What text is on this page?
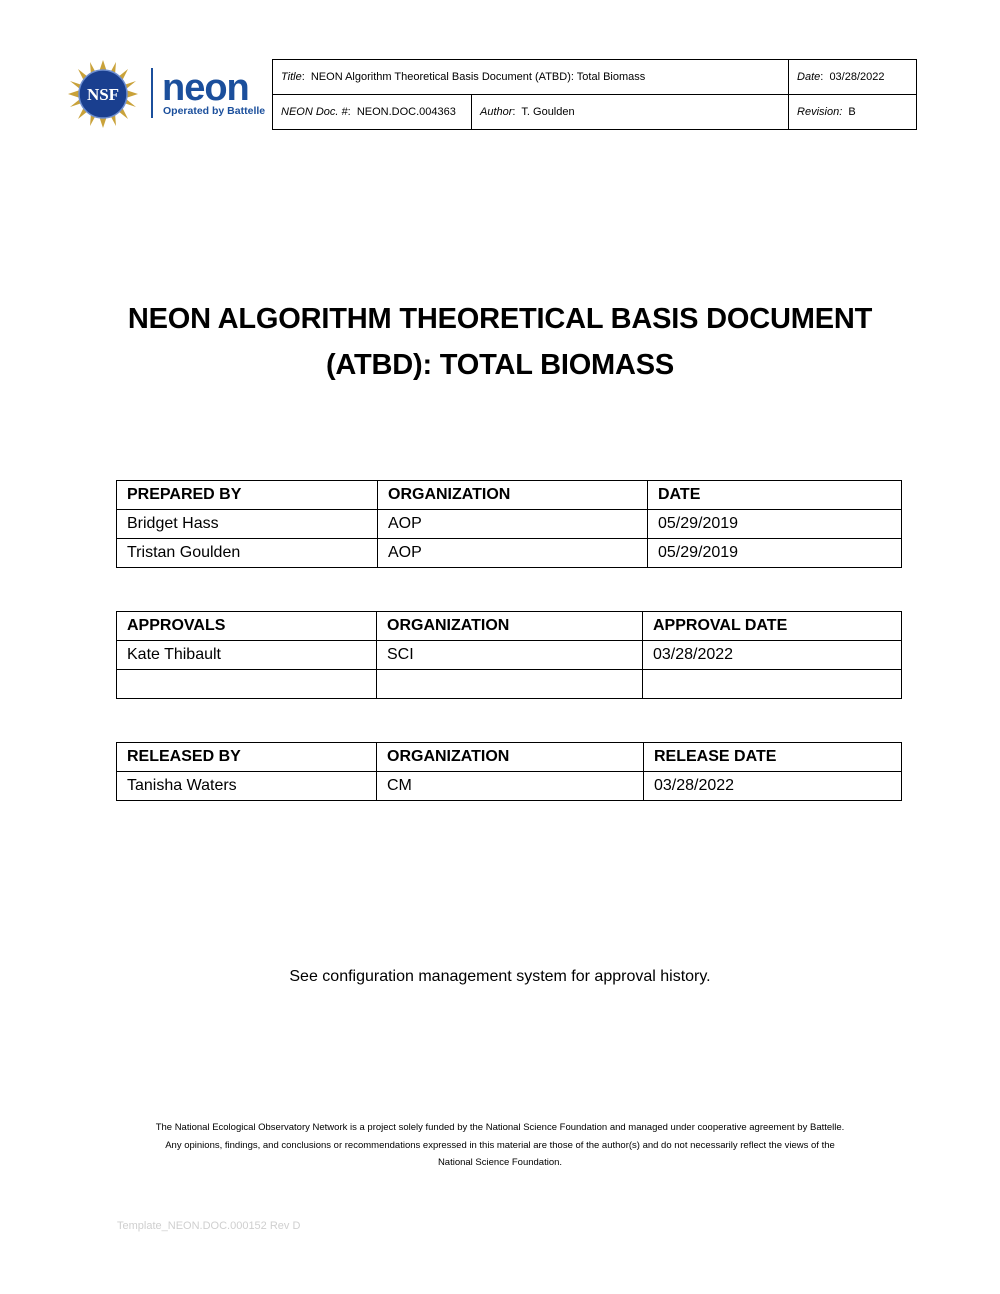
NSF neon
Operated by Battelle
Title:  NEON Algorithm Theoretical Basis Document (ATBD): Total Biomass		Date:  03/28/2022
NEON Doc. #:  NEON.DOC.004363	Author:  T. Goulden	Revision: B
NEON ALGORITHM THEORETICAL BASIS DOCUMENT
(ATBD): TOTAL BIOMASS
PREPARED BY	ORGANIZATION	DATE
Bridget Hass	AOP	05/29/2019
Tristan Goulden	AOP	05/29/2019
APPROVALS	ORGANIZATION	APPROVAL DATE
Kate Thibault	SCI	03/28/2022

RELEASED BY	ORGANIZATION	RELEASE DATE
Tanisha Waters	CM	03/28/2022
See configuration management system for approval history.
The National Ecological Observatory Network is a project solely funded by the National Science Foundation and managed under cooperative agreement by Battelle.
Any opinions, findings, and conclusions or recommendations expressed in this material are those of the author(s) and do not necessarily reflect the views of the
National Science Foundation.
Template_NEON.DOC.000152 Rev D
